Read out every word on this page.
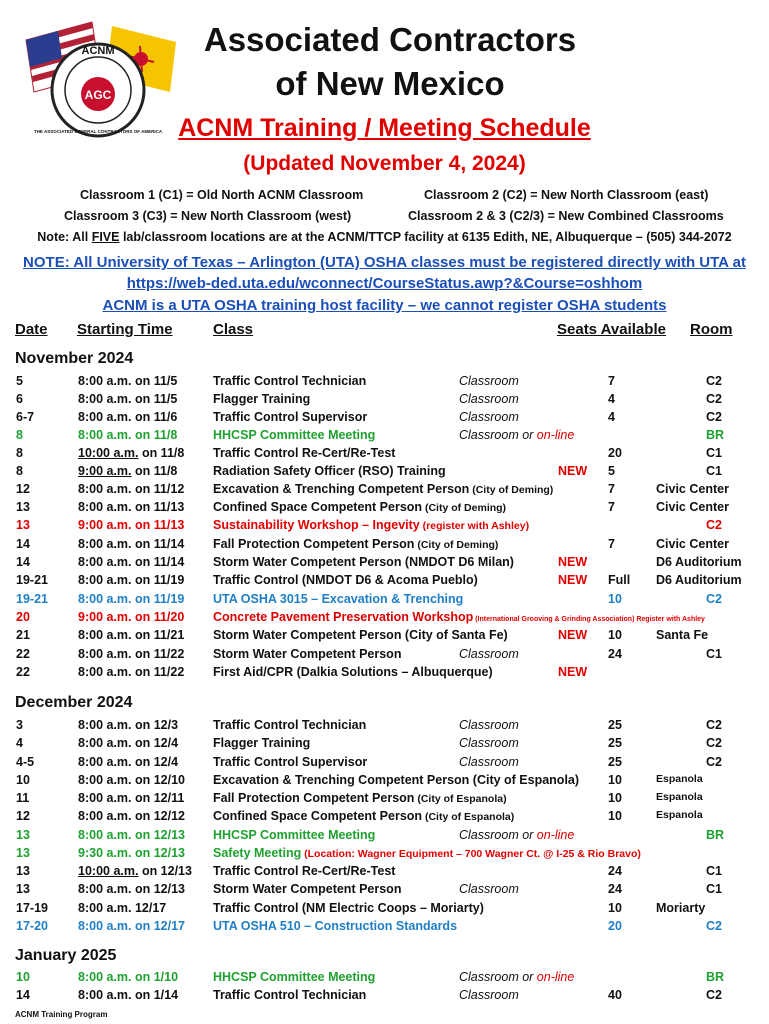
ACNM
AGC
THE ASSOCIATED GENERAL CONTRACTORS OF AMERICA
Associated Contractors
of New Mexico
ACNM Training / Meeting Schedule
(Updated November 4, 2024)
Classroom 1 (C1) = Old North ACNM Classroom	Classroom 2 (C2) = New North Classroom (east)
Classroom 3 (C3) = New North Classroom (west)	Classroom 2 & 3 (C2/3) = New Combined Classrooms
Note: All FIVE lab/classroom locations are at the ACNM/TTCP facility at 6135 Edith, NE, Albuquerque – (505) 344-2072
NOTE: All University of Texas – Arlington (UTA) OSHA classes must be registered directly with UTA at
https://web-ded.uta.edu/wconnect/CourseStatus.awp?&Course=oshhom
ACNM is a UTA OSHA training host facility – we cannot register OSHA students
Date Starting Time	Class	Seats Available Room
November 2024
5	8:00 a.m. on 11/5	Traffic Control Technician	Classroom	7	C2
6	8:00 a.m. on 11/5	Flagger Training	Classroom	4	C2
6-7	8:00 a.m. on 11/6	Traffic Control Supervisor	Classroom	4	C2
8	8:00 a.m. on 11/8	HHCSP Committee Meeting	Classroom or on-line	BR
8	10:00 a.m. on 11/8 Traffic Control Re-Cert/Re-Test	20	C1
8	9:00 a.m. on 11/8	Radiation Safety Officer (RSO) Training	NEW 5	C1
12	8:00 a.m. on 11/12 Excavation & Trenching Competent Person (City of Deming)	7	Civic Center
13	8:00 a.m. on 11/13 Confined Space Competent Person (City of Deming)	7	Civic Center
13	9:00 a.m. on 11/13 Sustainability Workshop – Ingevity (register with Ashley)	C2
14	8:00 a.m. on 11/14 Fall Protection Competent Person (City of Deming)	7	Civic Center
14	8:00 a.m. on 11/14 Storm Water Competent Person (NMDOT D6 Milan)	NEW	D6 Auditorium
19-21 8:00 a.m. on 11/19 Traffic Control (NMDOT D6 & Acoma Pueblo)	NEW Full D6 Auditorium
19-21 8:00 a.m. on 11/19 UTA OSHA 3015 – Excavation & Trenching	10	C2
20	9:00 a.m. on 11/20 Concrete Pavement Preservation Workshop (International Grooving & Grinding Association) Register with Ashley
21	8:00 a.m. on 11/21 Storm Water Competent Person (City of Santa Fe)	NEW 10	Santa Fe
22	8:00 a.m. on 11/22 Storm Water Competent Person	Classroom	24	C1
22	8:00 a.m. on 11/22 First Aid/CPR (Dalkia Solutions – Albuquerque)	NEW
December 2024
3	8:00 a.m. on 12/3	Traffic Control Technician	Classroom	25	C2
4	8:00 a.m. on 12/4	Flagger Training	Classroom	25	C2
4-5	8:00 a.m. on 12/4	Traffic Control Supervisor	Classroom	25	C2
10	8:00 a.m. on 12/10 Excavation & Trenching Competent Person (City of Espanola) 10	Espanola
11	8:00 a.m. on 12/11 Fall Protection Competent Person (City of Espanola)	10	Espanola
12	8:00 a.m. on 12/12 Confined Space Competent Person (City of Espanola)	10	Espanola
13	8:00 a.m. on 12/13 HHCSP Committee Meeting	Classroom or on-line	BR
13	9:30 a.m. on 12/13 Safety Meeting (Location: Wagner Equipment – 700 Wagner Ct. @ I-25 & Rio Bravo)
13	10:00 a.m. on 12/13 Traffic Control Re-Cert/Re-Test	24	C1
13	8:00 a.m. on 12/13 Storm Water Competent Person	Classroom	24	C1
17-19 8:00 a.m. 12/17	Traffic Control (NM Electric Coops – Moriarty)	10	Moriarty
17-20 8:00 a.m. on 12/17 UTA OSHA 510 – Construction Standards	20	C2
January 2025
10	8:00 a.m. on 1/10	HHCSP Committee Meeting	Classroom or on-line	BR
14	8:00 a.m. on 1/14	Traffic Control Technician	Classroom	40	C2
ACNM Training Program
